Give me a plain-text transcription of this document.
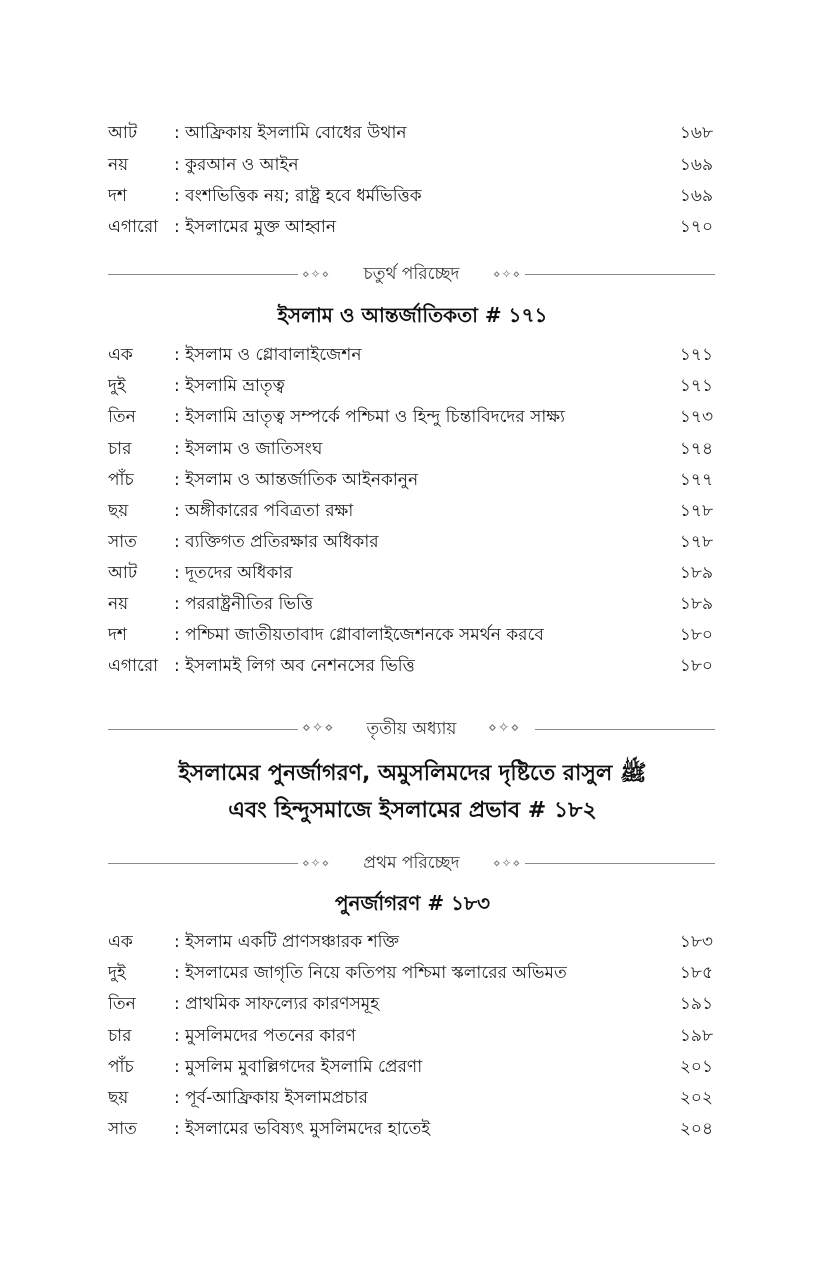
আট : আফ্রিকায় ইসলামি বোধের উথান	১৬৮
নয়	: কুরআন ও আইন	১৬৯
দশ	: বংশভিত্তিক নয়; রাষ্ট্র হবে ধর্মভিত্তিক	১৬৯
এগারো : ইসলামের মুক্ত আহ্বান	১৭০
⋄✧⋄	চতুর্থ পরিচ্ছেদ	⋄✧⋄
ইসলাম ও আন্তর্জাতিকতা # ১৭১
এক : ইসলাম ও গ্লোবালাইজেশন	১৭১
দুই	: ইসলামি ভ্রাতৃত্ব	১৭১
তিন : ইসলামি ভ্রাতৃত্ব সম্পর্কে পশ্চিমা ও হিন্দু চিন্তাবিদদের সাক্ষ্য	১৭৩
চার	: ইসলাম ও জাতিসংঘ	১৭৪
পাঁচ : ইসলাম ও আন্তর্জাতিক আইনকানুন	১৭৭
ছয়	: অঙ্গীকারের পবিত্রতা রক্ষা	১৭৮
সাত : ব্যক্তিগত প্রতিরক্ষার অধিকার	১৭৮
আট : দূতদের অধিকার	১৮৯
নয়	: পররাষ্ট্রনীতির ভিত্তি	১৮৯
দশ	: পশ্চিমা জাতীয়তাবাদ গ্লোবালাইজেশনকে সমর্থন করবে	১৮০
এগারো : ইসলামই লিগ অব নেশনসের ভিত্তি	১৮০
⋄✧⋄	তৃতীয় অধ্যায়	⋄✧⋄
ইসলামের পুনর্জাগরণ, অমুসলিমদের দৃষ্টিতে রাসুল ﷺ
এবং হিন্দুসমাজে ইসলামের প্রভাব # ১৮২
⋄✧⋄	প্রথম পরিচ্ছেদ	⋄✧⋄
পুনর্জাগরণ # ১৮৩
এক : ইসলাম একটি প্রাণসঞ্চারক শক্তি	১৮৩
দুই	: ইসলামের জাগৃতি নিয়ে কতিপয় পশ্চিমা স্কলারের অভিমত	১৮৫
তিন : প্রাথমিক সাফল্যের কারণসমূহ	১৯১
চার	: মুসলিমদের পতনের কারণ	১৯৮
পাঁচ : মুসলিম মুবাল্লিগদের ইসলামি প্রেরণা	২০১
ছয়	: পূর্ব-আফ্রিকায় ইসলামপ্রচার	২০২
সাত : ইসলামের ভবিষ্যৎ মুসলিমদের হাতেই	২০৪
